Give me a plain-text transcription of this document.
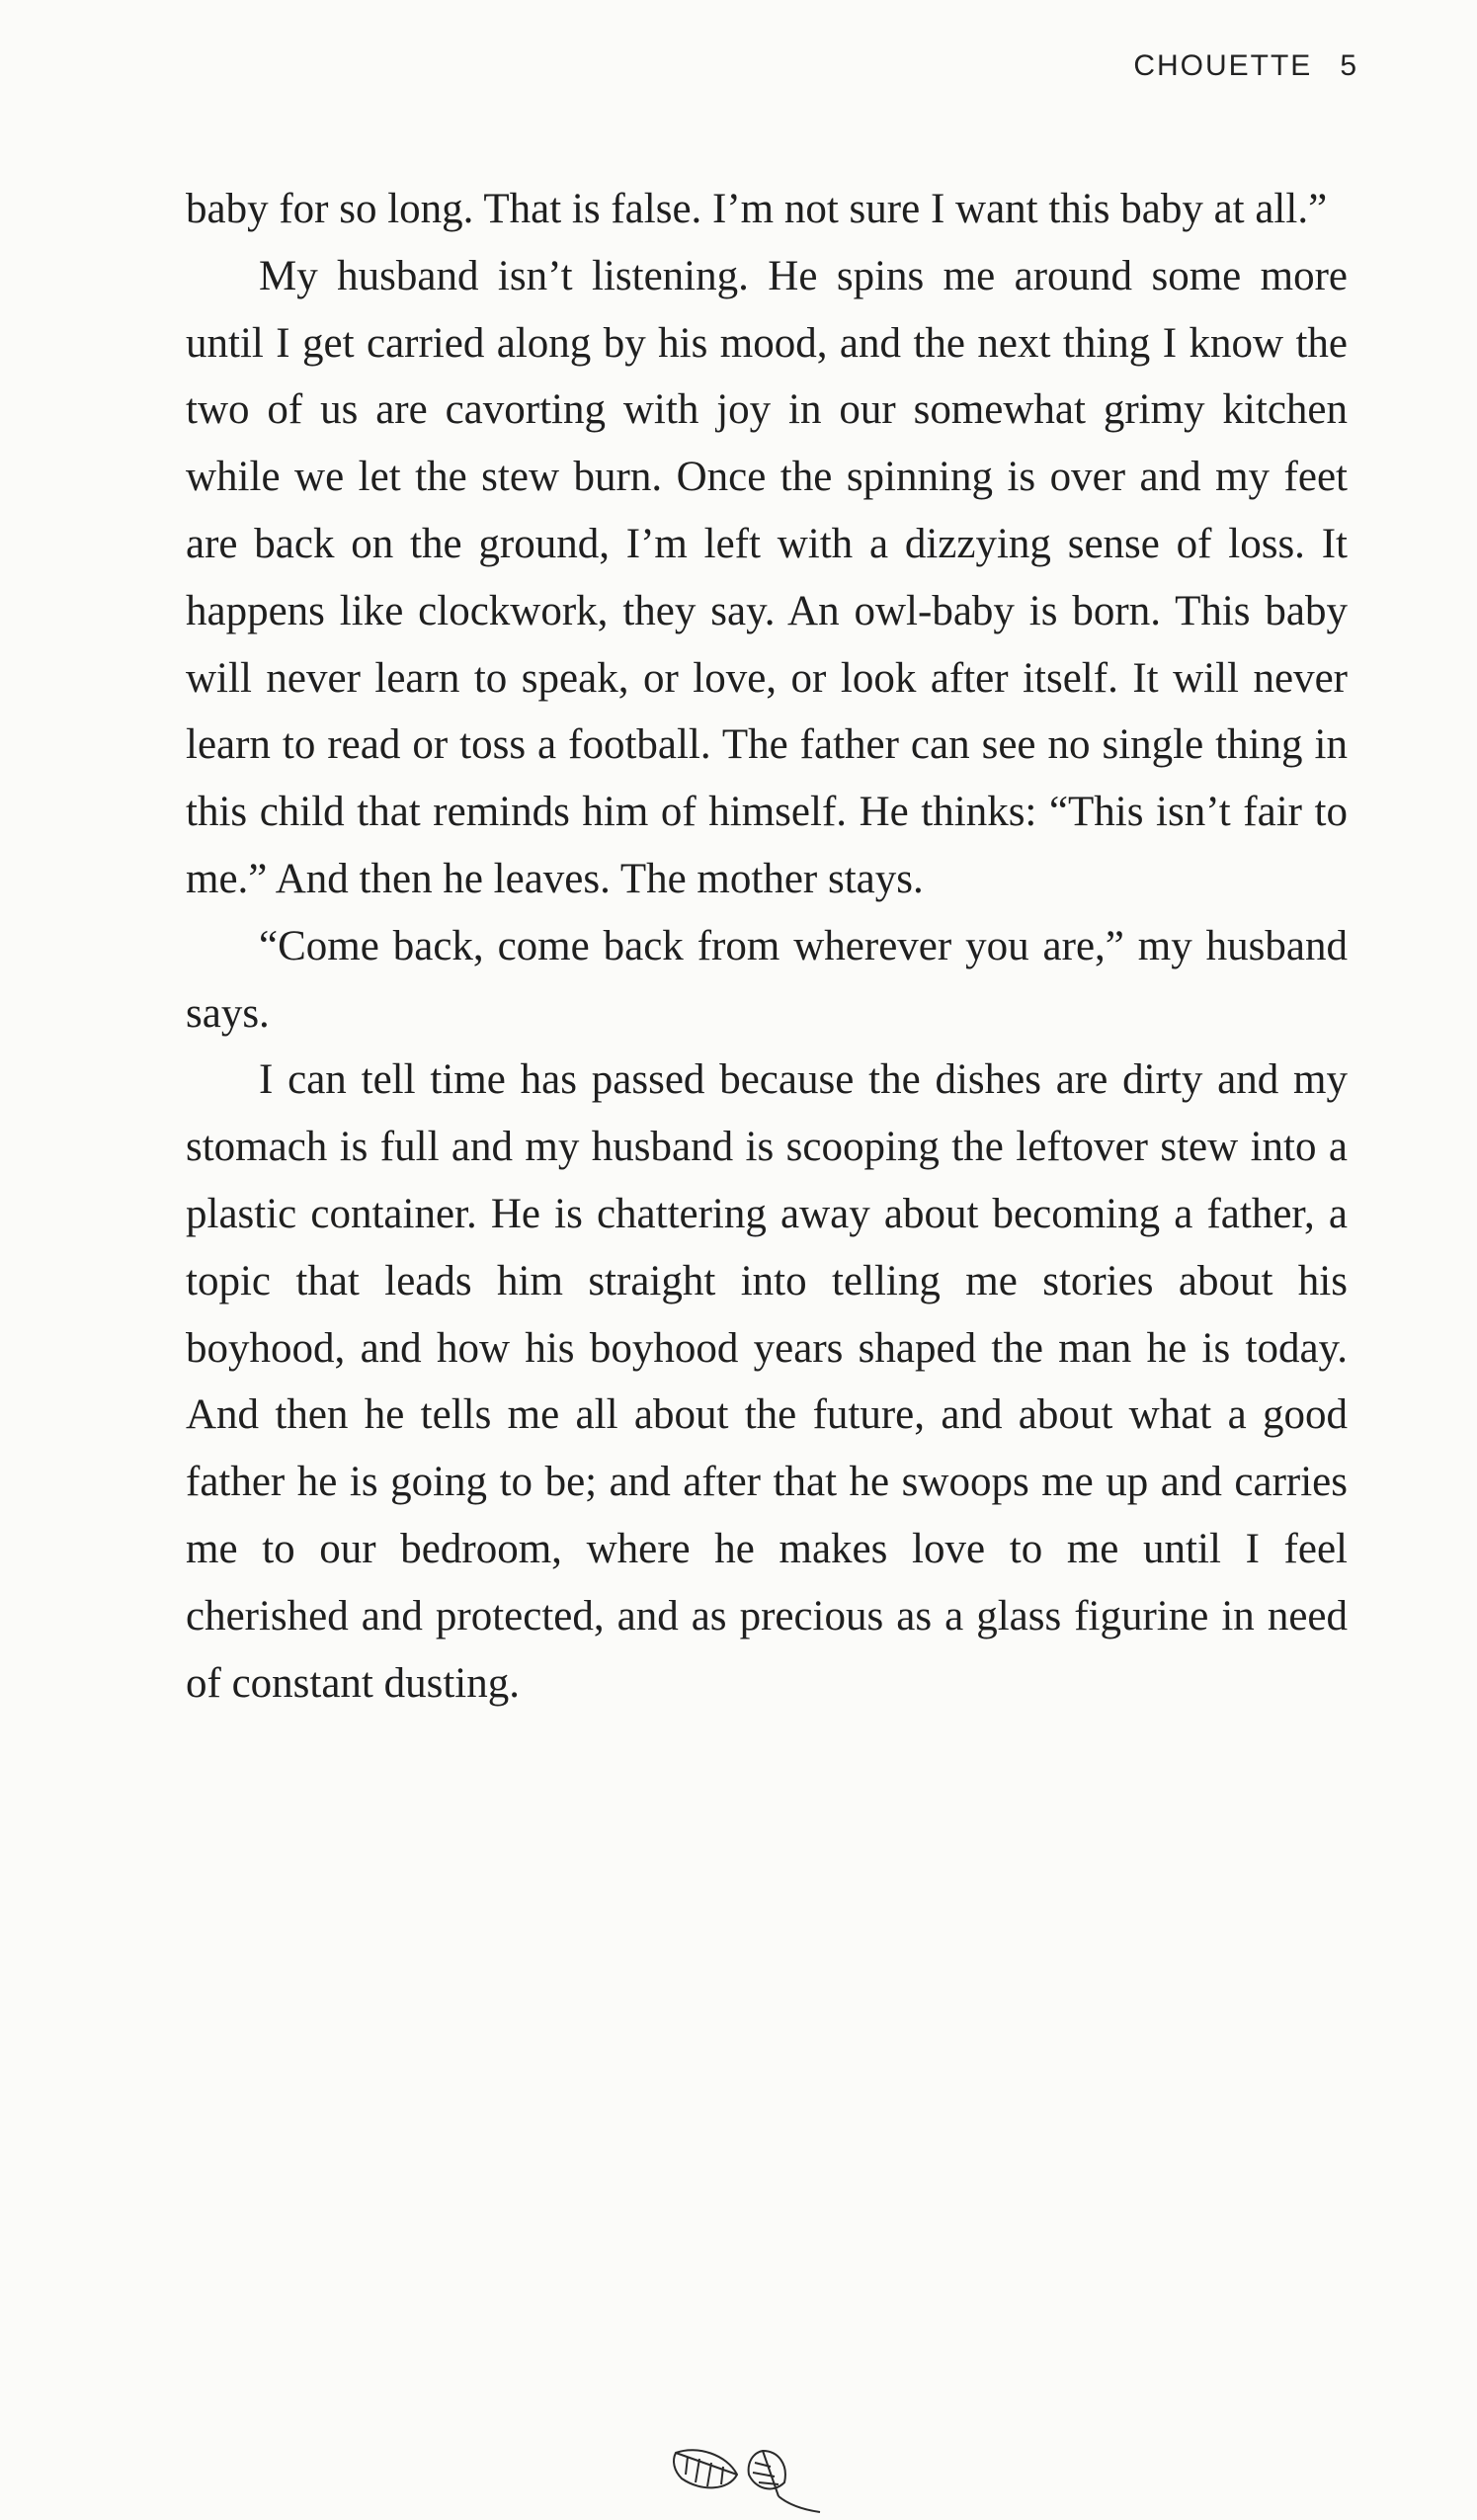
CHOUETTE 5

baby for so long. That is false. I’m not sure I want this baby at all.”

My husband isn’t listening. He spins me around some more until I get carried along by his mood, and the next thing I know the two of us are cavorting with joy in our somewhat grimy kitchen while we let the stew burn. Once the spinning is over and my feet are back on the ground, I’m left with a dizzying sense of loss. It happens like clockwork, they say. An owl-baby is born. This baby will never learn to speak, or love, or look after itself. It will never learn to read or toss a football. The father can see no single thing in this child that reminds him of himself. He thinks: “This isn’t fair to me.” And then he leaves. The mother stays.

“Come back, come back from wherever you are,” my husband says.

I can tell time has passed because the dishes are dirty and my stomach is full and my husband is scooping the leftover stew into a plastic container. He is chattering away about becoming a father, a topic that leads him straight into telling me stories about his boyhood, and how his boyhood years shaped the man he is today. And then he tells me all about the future, and about what a good father he is going to be; and after that he swoops me up and carries me to our bedroom, where he makes love to me until I feel cherished and protected, and as precious as a glass figurine in need of constant dusting.
